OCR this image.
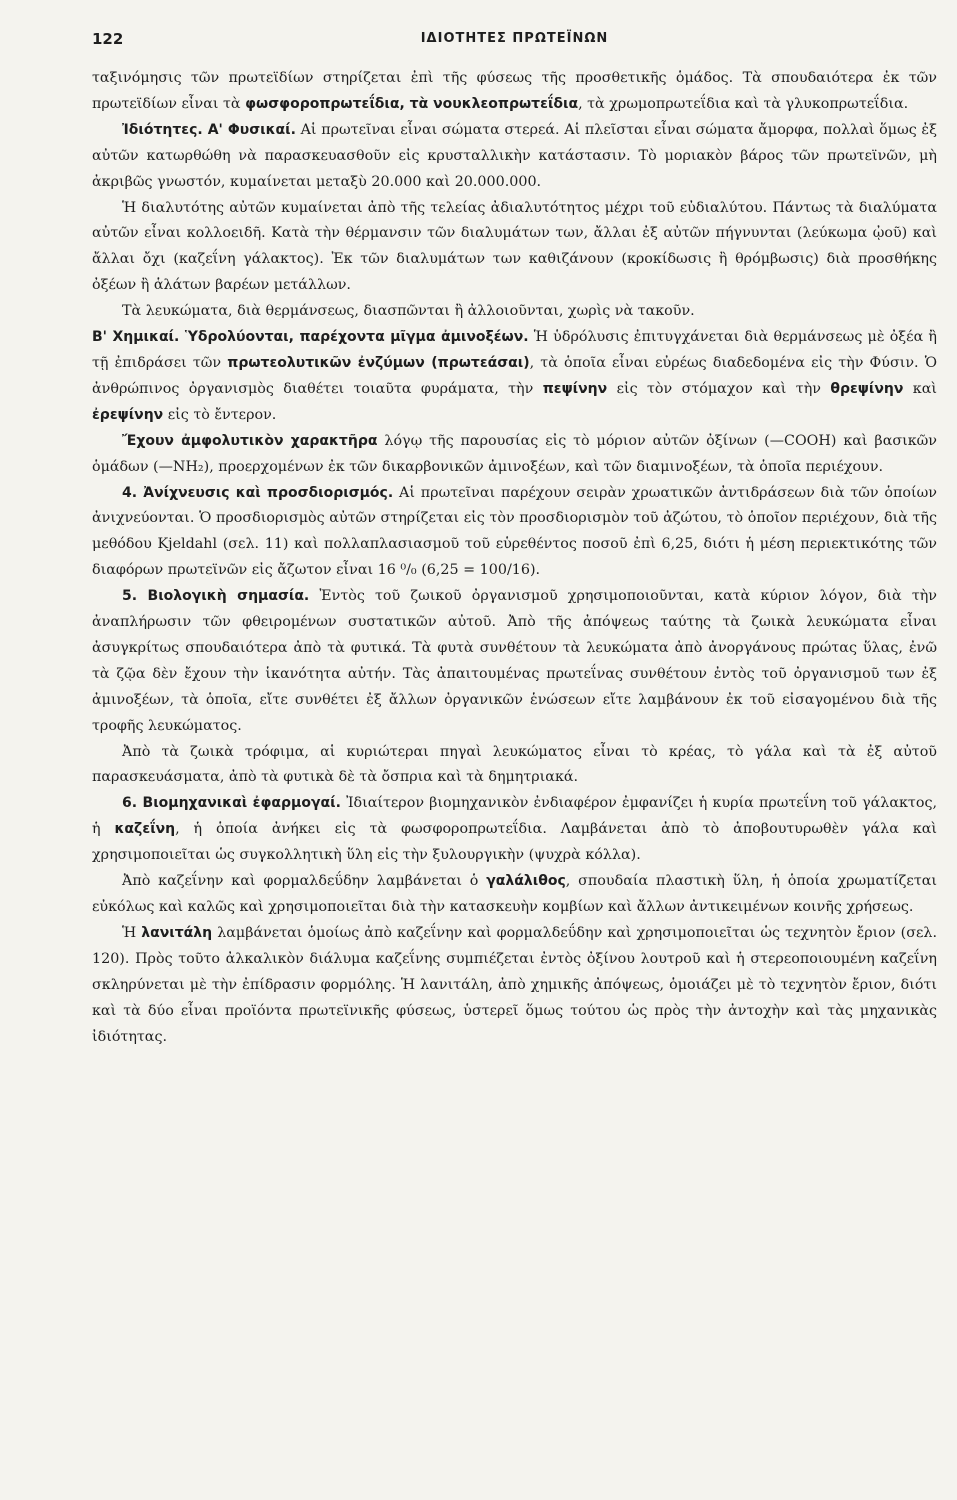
122	ΙΔΙΟΤΗΤΕΣ ΠΡΩΤΕΪΝΩΝ

ταξινόμησις τῶν πρωτεϊδίων στηρίζεται ἐπὶ τῆς φύσεως τῆς προσθετικῆς ὁμάδος. Τὰ σπουδαιότερα ἐκ τῶν πρωτεϊδίων εἶναι τὰ φωσφοροπρωτεΐδια, τὰ νουκλεοπρωτεΐδια, τὰ χρωμοπρωτεΐδια καὶ τὰ γλυκοπρωτεΐδια.

Ἰδιότητες. Α' Φυσικαί. Αἱ πρωτεῖναι εἶναι σώματα στερεά. Αἱ πλεῖσται εἶναι σώματα ἄμορφα, πολλαὶ ὅμως ἐξ αὐτῶν κατωρθώθη νὰ παρασκευασθοῦν εἰς κρυσταλλικὴν κατάστασιν. Τὸ μοριακὸν βάρος τῶν πρωτεϊνῶν, μὴ ἀκριβῶς γνωστόν, κυμαίνεται μεταξὺ 20.000 καὶ 20.000.000.

Ἡ διαλυτότης αὐτῶν κυμαίνεται ἀπὸ τῆς τελείας ἀδιαλυτότητος μέχρι τοῦ εὐδιαλύτου. Πάντως τὰ διαλύματα αὐτῶν εἶναι κολλοειδῆ. Κατὰ τὴν θέρμανσιν τῶν διαλυμάτων των, ἄλλαι ἐξ αὐτῶν πήγνυνται (λεύκωμα ᾠοῦ) καὶ ἄλλαι ὄχι (καζεΐνη γάλακτος). Ἐκ τῶν διαλυμάτων των καθιζάνουν (κροκίδωσις ἢ θρόμβωσις) διὰ προσθήκης ὀξέων ἢ ἁλάτων βαρέων μετάλλων.

Τὰ λευκώματα, διὰ θερμάνσεως, διασπῶνται ἢ ἀλλοιοῦνται, χωρὶς νὰ τακοῦν.

Β' Χημικαί. Ὑδρολύονται, παρέχοντα μῖγμα ἀμινοξέων. Ἡ ὑδρόλυσις ἐπιτυγχάνεται διὰ θερμάνσεως μὲ ὀξέα ἢ τῇ ἐπιδράσει τῶν πρωτεολυτικῶν ἐνζύμων (πρωτεάσαι), τὰ ὁποῖα εἶναι εὐρέως διαδεδομένα εἰς τὴν Φύσιν. Ὁ ἀνθρώπινος ὀργανισμὸς διαθέτει τοιαῦτα φυράματα, τὴν πεψίνην εἰς τὸν στόμαχον καὶ τὴν θρεψίνην καὶ ἐρεψίνην εἰς τὸ ἔντερον.

Ἔχουν ἀμφολυτικὸν χαρακτῆρα λόγῳ τῆς παρουσίας εἰς τὸ μόριον αὐτῶν ὀξίνων (—COOH) καὶ βασικῶν ὁμάδων (—NH₂), προερχομένων ἐκ τῶν δικαρβονικῶν ἀμινοξέων, καὶ τῶν διαμινοξέων, τὰ ὁποῖα περιέχουν.

4. Ἀνίχνευσις καὶ προσδιορισμός. Αἱ πρωτεῖναι παρέχουν σειρὰν χρωατικῶν ἀντιδράσεων διὰ τῶν ὁποίων ἀνιχνεύονται. Ὁ προσδιορισμὸς αὐτῶν στηρίζεται εἰς τὸν προσδιορισμὸν τοῦ ἀζώτου, τὸ ὁποῖον περιέχουν, διὰ τῆς μεθόδου Kjeldahl (σελ. 11) καὶ πολλαπλασιασμοῦ τοῦ εὑρεθέντος ποσοῦ ἐπὶ 6,25, διότι ἡ μέση περιεκτικότης τῶν διαφόρων πρωτεϊνῶν εἰς ἄζωτον εἶναι 16 ⁰/₀ (6,25 = 100/16).

5. Βιολογικὴ σημασία. Ἐντὸς τοῦ ζωικοῦ ὀργανισμοῦ χρησιμοποιοῦνται, κατὰ κύριον λόγον, διὰ τὴν ἀναπλήρωσιν τῶν φθειρομένων συστατικῶν αὐτοῦ. Ἀπὸ τῆς ἀπόψεως ταύτης τὰ ζωικὰ λευκώματα εἶναι ἀσυγκρίτως σπουδαιότερα ἀπὸ τὰ φυτικά. Τὰ φυτὰ συνθέτουν τὰ λευκώματα ἀπὸ ἀνοργάνους πρώτας ὕλας, ἐνῶ τὰ ζῷα δὲν ἔχουν τὴν ἱκανότητα αὐτήν. Τὰς ἀπαιτουμένας πρωτεΐνας συνθέτουν ἐντὸς τοῦ ὀργανισμοῦ των ἐξ ἀμινοξέων, τὰ ὁποῖα, εἴτε συνθέτει ἐξ ἄλλων ὀργανικῶν ἑνώσεων εἴτε λαμβάνουν ἐκ τοῦ εἰσαγομένου διὰ τῆς τροφῆς λευκώματος.

Ἀπὸ τὰ ζωικὰ τρόφιμα, αἱ κυριώτεραι πηγαὶ λευκώματος εἶναι τὸ κρέας, τὸ γάλα καὶ τὰ ἐξ αὐτοῦ παρασκευάσματα, ἀπὸ τὰ φυτικὰ δὲ τὰ ὄσπρια καὶ τὰ δημητριακά.

6. Βιομηχανικαὶ ἐφαρμογαί. Ἰδιαίτερον βιομηχανικὸν ἐνδιαφέρον ἐμφανίζει ἡ κυρία πρωτεΐνη τοῦ γάλακτος, ἡ καζεΐνη, ἡ ὁποία ἀνήκει εἰς τὰ φωσφοροπρωτεΐδια. Λαμβάνεται ἀπὸ τὸ ἀποβουτυρωθὲν γάλα καὶ χρησιμοποιεῖται ὡς συγκολλητικὴ ὕλη εἰς τὴν ξυλουργικὴν (ψυχρὰ κόλλα).

Ἀπὸ καζεΐνην καὶ φορμαλδεΰδην λαμβάνεται ὁ γαλάλιθος, σπουδαία πλαστικὴ ὕλη, ἡ ὁποία χρωματίζεται εὐκόλως καὶ καλῶς καὶ χρησιμοποιεῖται διὰ τὴν κατασκευὴν κομβίων καὶ ἄλλων ἀντικειμένων κοινῆς χρήσεως.

Ἡ λανιτάλη λαμβάνεται ὁμοίως ἀπὸ καζεΐνην καὶ φορμαλδεΰδην καὶ χρησιμοποιεῖται ὡς τεχνητὸν ἔριον (σελ. 120). Πρὸς τοῦτο ἀλκαλικὸν διάλυμα καζεΐνης συμπιέζεται ἐντὸς ὀξίνου λουτροῦ καὶ ἡ στερεοποιουμένη καζεΐνη σκληρύνεται μὲ τὴν ἐπίδρασιν φορμόλης. Ἡ λανιτάλη, ἀπὸ χημικῆς ἀπόψεως, ὁμοιάζει μὲ τὸ τεχνητὸν ἔριον, διότι καὶ τὰ δύο εἶναι προϊόντα πρωτεϊνικῆς φύσεως, ὑστερεῖ ὅμως τούτου ὡς πρὸς τὴν ἀντοχὴν καὶ τὰς μηχανικὰς ἰδιότητας.
